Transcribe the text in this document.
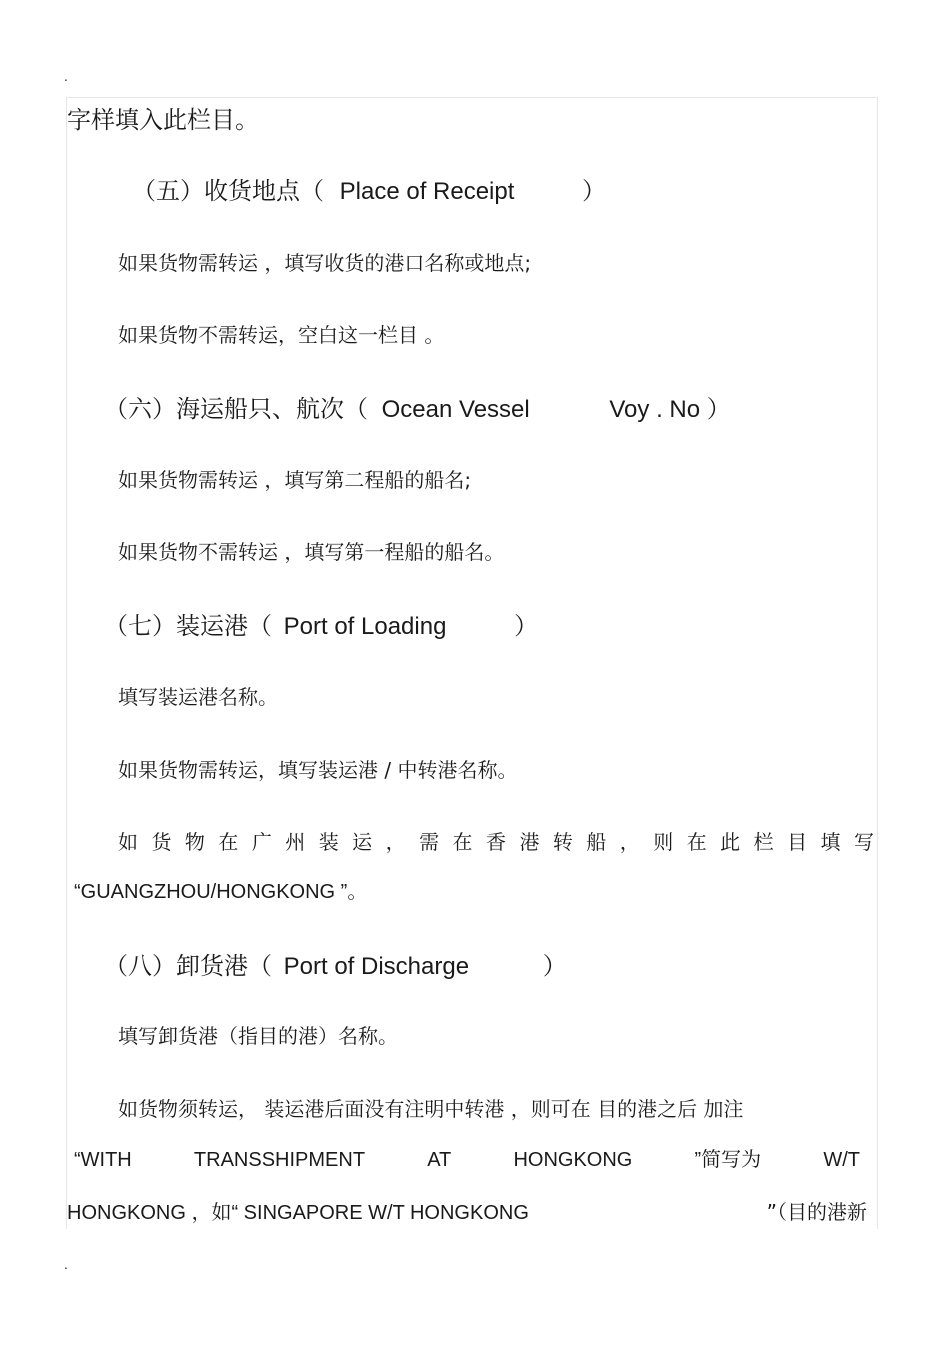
.
字样填入此栏目。
（五）收货地点（ Place of Receipt	）
如果货物需转运 ，填写收货的港口名称或地点;
如果货物不需转运，空白这一栏目 。
（六）海运船只、航次（ Ocean Vessel	Voy . No ）
如果货物需转运 ，填写第二程船的船名;
如果货物不需转运 ，填写第一程船的船名。
（七）装运港（ Port of Loading	）
填写装运港名称。
如果货物需转运，填写装运港 / 中转港名称。
如 货 物 在 广 州 装 运 ， 需 在 香 港 转 船 ， 则 在 此 栏 目 填 写
“GUANGZHOU/HONGKONG ”。
（八）卸货港（ Port of Discharge	）
填写卸货港（指目的港）名称。
如货物须转运， 装运港后面没有注明中转港 ，则可在 目的港之后 加注
“WITH	TRANSSHIPMENT	AT	HONGKONG	”简写为	W/T
HONGKONG ，如“ SINGAPORE W/T HONGKONG	”（目的港新
.
